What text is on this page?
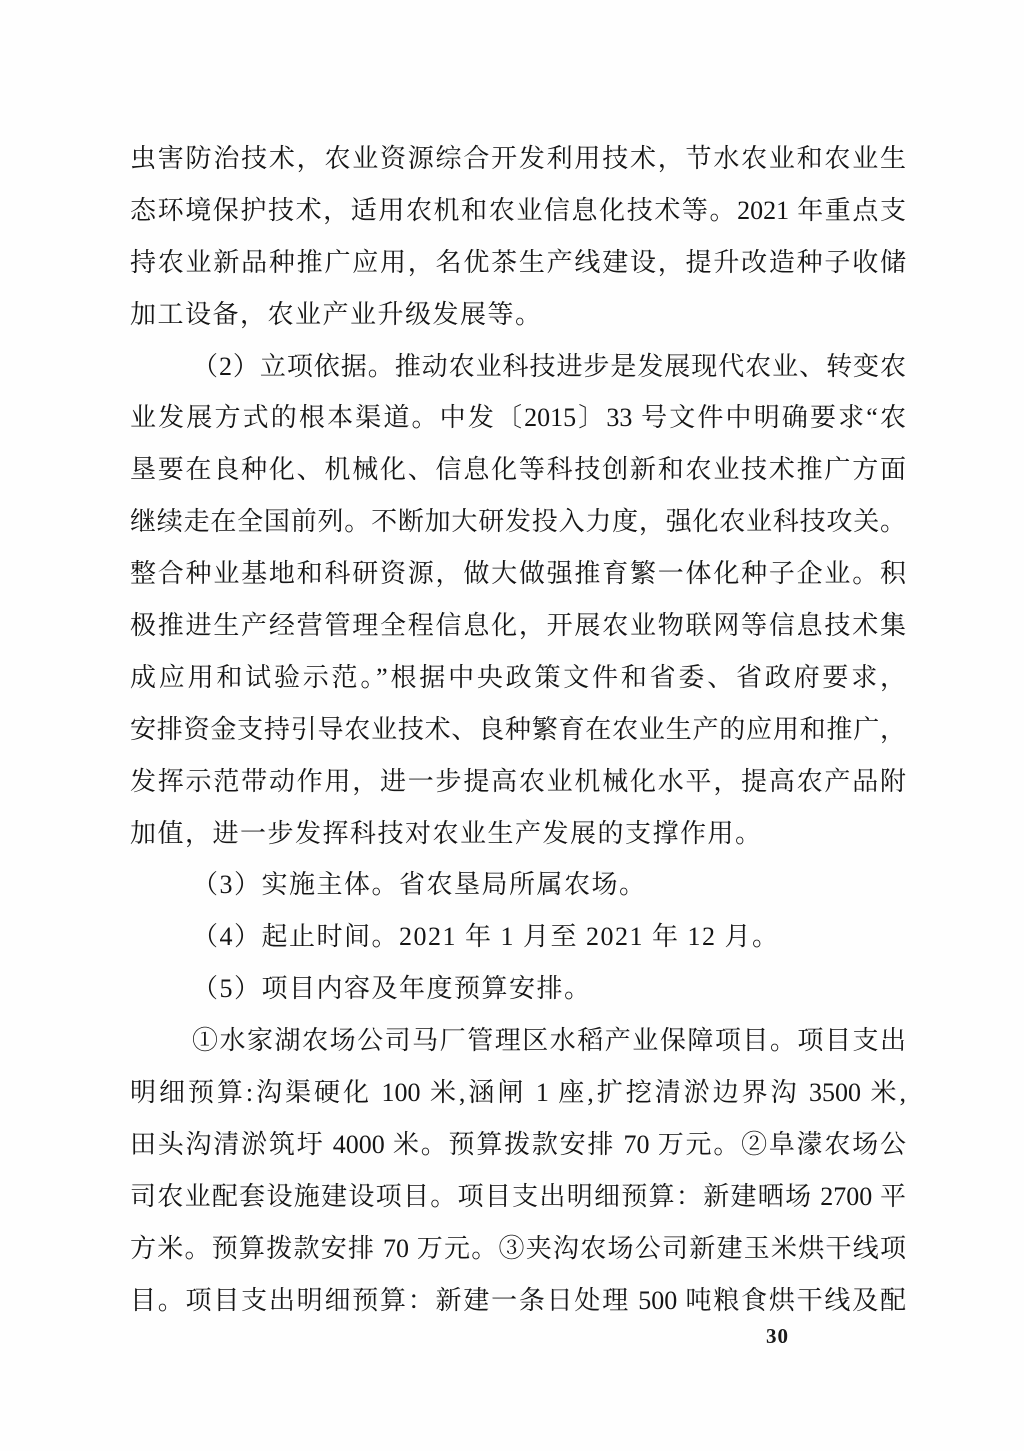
虫害防治技术，农业资源综合开发利用技术，节水农业和农业生
态环境保护技术，适用农机和农业信息化技术等。2021 年重点支
持农业新品种推广应用，名优茶生产线建设，提升改造种子收储
加工设备，农业产业升级发展等。
（2）立项依据。推动农业科技进步是发展现代农业、转变农
业发展方式的根本渠道。中发〔2015〕33 号文件中明确要求“农
垦要在良种化、机械化、信息化等科技创新和农业技术推广方面
继续走在全国前列。不断加大研发投入力度，强化农业科技攻关。
整合种业基地和科研资源，做大做强推育繁一体化种子企业。积
极推进生产经营管理全程信息化，开展农业物联网等信息技术集
成应用和试验示范。”根据中央政策文件和省委、省政府要求，
安排资金支持引导农业技术、良种繁育在农业生产的应用和推广，
发挥示范带动作用，进一步提高农业机械化水平，提高农产品附
加值，进一步发挥科技对农业生产发展的支撑作用。
（3）实施主体。省农垦局所属农场。
（4）起止时间。2021 年 1 月至 2021 年 12 月。
（5）项目内容及年度预算安排。
①水家湖农场公司马厂管理区水稻产业保障项目。项目支出
明细预算:沟渠硬化 100 米,涵闸 1 座,扩挖清淤边界沟 3500 米,
田头沟清淤筑圩 4000 米。预算拨款安排 70 万元。②阜濛农场公
司农业配套设施建设项目。项目支出明细预算：新建晒场 2700 平
方米。预算拨款安排 70 万元。③夹沟农场公司新建玉米烘干线项
目。项目支出明细预算：新建一条日处理 500 吨粮食烘干线及配
30
